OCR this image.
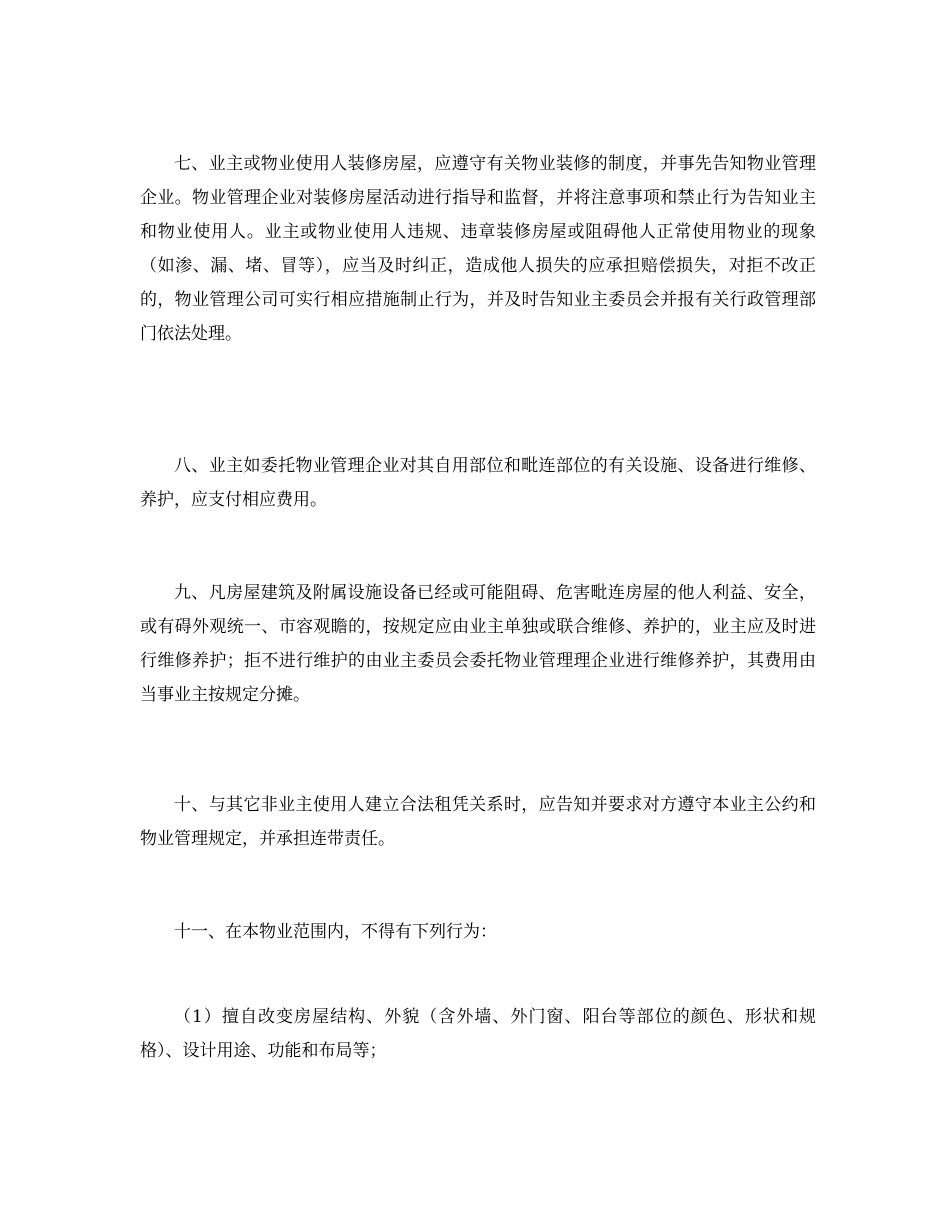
七、业主或物业使用人装修房屋，应遵守有关物业装修的制度，并事先告知物业管理企业。物业管理企业对装修房屋活动进行指导和监督，并将注意事项和禁止行为告知业主和物业使用人。业主或物业使用人违规、违章装修房屋或阻碍他人正常使用物业的现象（如渗、漏、堵、冒等），应当及时纠正，造成他人损失的应承担赔偿损失，对拒不改正的，物业管理公司可实行相应措施制止行为，并及时告知业主委员会并报有关行政管理部门依法处理。

八、业主如委托物业管理企业对其自用部位和毗连部位的有关设施、设备进行维修、养护，应支付相应费用。

九、凡房屋建筑及附属设施设备已经或可能阻碍、危害毗连房屋的他人利益、安全，或有碍外观统一、市容观瞻的，按规定应由业主单独或联合维修、养护的，业主应及时进行维修养护；拒不进行维护的由业主委员会委托物业管理理企业进行维修养护，其费用由当事业主按规定分摊。

十、与其它非业主使用人建立合法租凭关系时，应告知并要求对方遵守本业主公约和物业管理规定，并承担连带责任。

十一、在本物业范围内，不得有下列行为：

（1）擅自改变房屋结构、外貌（含外墙、外门窗、阳台等部位的颜色、形状和规格）、设计用途、功能和布局等；
